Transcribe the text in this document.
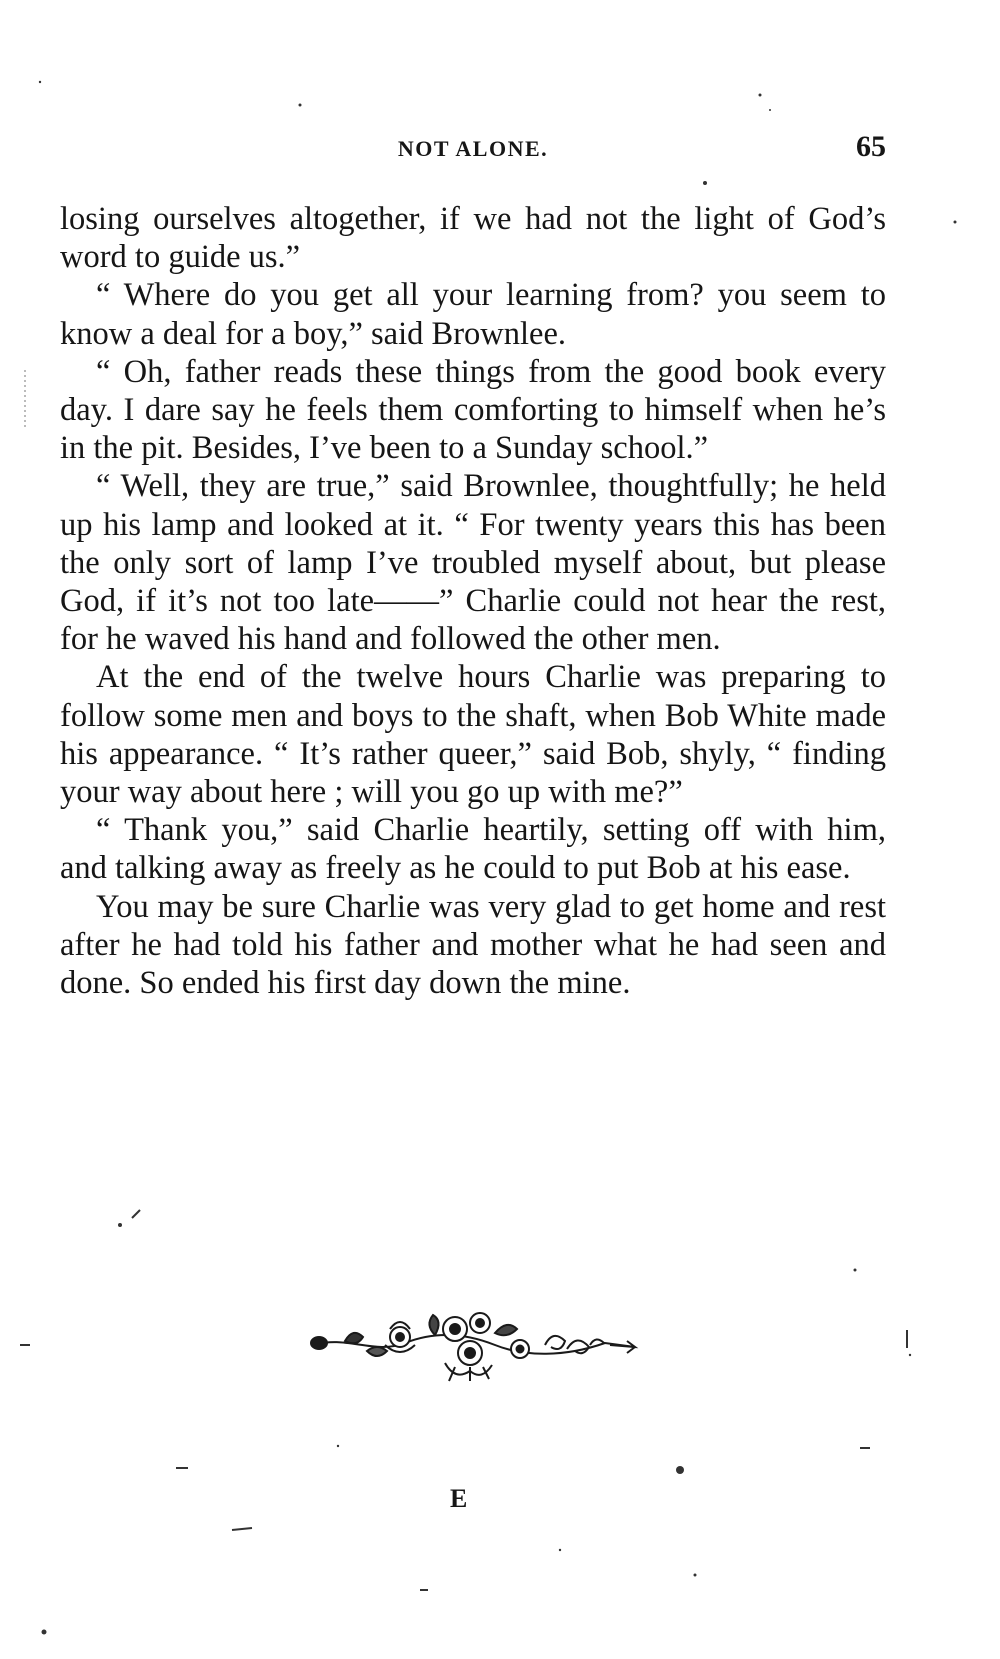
NOT ALONE.	65

losing ourselves altogether, if we had not the light of God’s word to guide us.”

“ Where do you get all your learning from? you seem to know a deal for a boy,” said Brownlee.

“ Oh, father reads these things from the good book every day. I dare say he feels them comforting to himself when he’s in the pit. Besides, I’ve been to a Sunday school.”

“ Well, they are true,” said Brownlee, thoughtfully; he held up his lamp and looked at it. “ For twenty years this has been the only sort of lamp I’ve troubled myself about, but please God, if it’s not too late——” Charlie could not hear the rest, for he waved his hand and followed the other men.

At the end of the twelve hours Charlie was preparing to follow some men and boys to the shaft, when Bob White made his appearance. “ It’s rather queer,” said Bob, shyly, “ finding your way about here ; will you go up with me?”

“ Thank you,” said Charlie heartily, setting off with him, and talking away as freely as he could to put Bob at his ease.

You may be sure Charlie was very glad to get home and rest after he had told his father and mother what he had seen and done. So ended his first day down the mine.

E
